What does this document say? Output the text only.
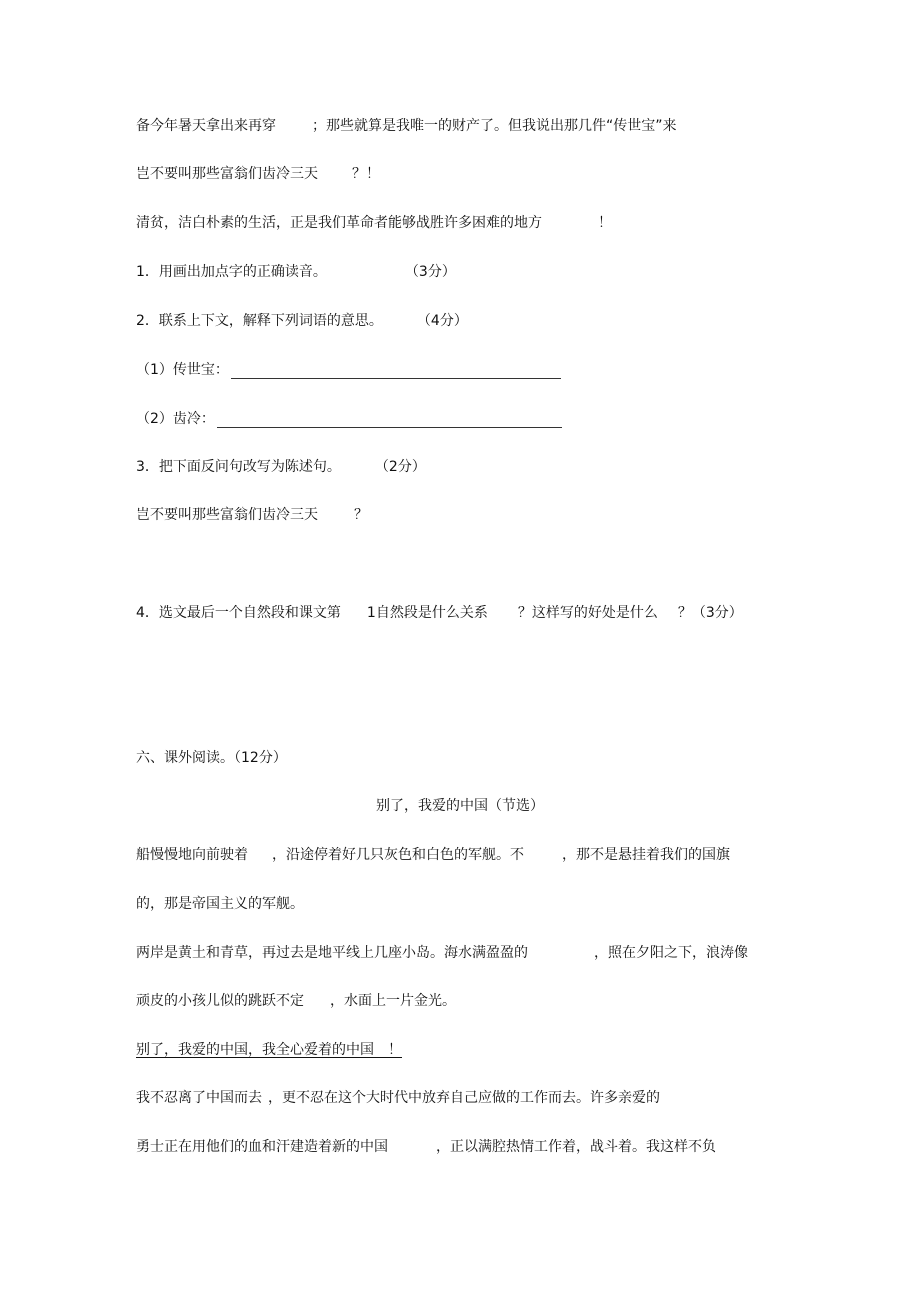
备今年暑天拿出来再穿	；那些就算是我唯一的财产了。但我说出那几件“传世宝”来
岂不要叫那些富翁们齿冷三天 ？！
清贫，洁白朴素的生活，正是我们革命者能够战胜许多困难的地方	！
1．用画出加点字的正确读音。	（3分）
2．联系上下文，解释下列词语的意思。 （4分）
（1）传世宝：
（2）齿冷：
3．把下面反问句改写为陈述句。 （2分）
岂不要叫那些富翁们齿冷三天	？
4．选文最后一个自然段和课文第 1自然段是什么关系 ？这样写的好处是什么 ？（3分）
六、课外阅读。（12分）
别了，我爱的中国（节选）
船慢慢地向前驶着 ，沿途停着好几只灰色和白色的军舰。不	，那不是悬挂着我们的国旗
的，那是帝国主义的军舰。
两岸是黄土和青草，再过去是地平线上几座小岛。海水满盈盈的	，照在夕阳之下，浪涛像
顽皮的小孩儿似的跳跃不定 ，水面上一片金光。
别了，我爱的中国，我全心爱着的中国　！
我不忍离了中国而去 ，更不忍在这个大时代中放弃自己应做的工作而去。许多亲爱的
勇士正在用他们的血和汗建造着新的中国	，正以满腔热情工作着，战斗着。我这样不负
